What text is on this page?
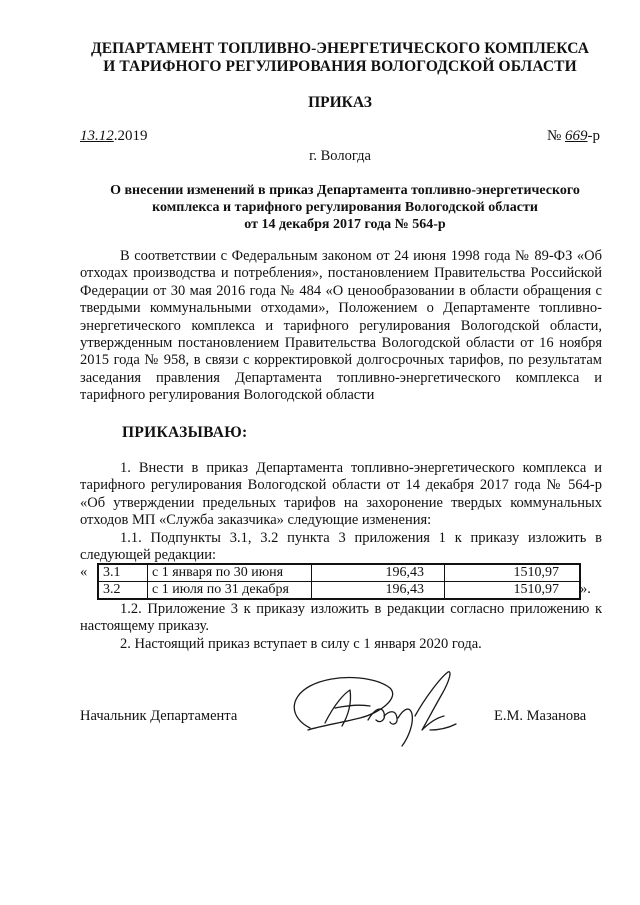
ДЕПАРТАМЕНТ ТОПЛИВНО-ЭНЕРГЕТИЧЕСКОГО КОМПЛЕКСА
И ТАРИФНОГО РЕГУЛИРОВАНИЯ ВОЛОГОДСКОЙ ОБЛАСТИ
ПРИКАЗ
13.12.2019	№ 669-р
г. Вологда
О внесении изменений в приказ Департамента топливно-энергетического
комплекса и тарифного регулирования Вологодской области
от 14 декабря 2017 года № 564-р
В соответствии с Федеральным законом от 24 июня 1998 года № 89-ФЗ «Об отходах производства и потребления», постановлением Правительства Российской Федерации от 30 мая 2016 года № 484 «О ценообразовании в области обращения с твердыми коммунальными отходами», Положением о Департаменте топливно-энергетического комплекса и тарифного регулирования Вологодской области, утвержденным постановлением Правительства Вологодской области от 16 ноября 2015 года № 958, в связи с корректировкой долгосрочных тарифов, по результатам заседания правления Департамента топливно-энергетического комплекса и тарифного регулирования Вологодской области
ПРИКАЗЫВАЮ:
1. Внести в приказ Департамента топливно-энергетического комплекса и тарифного регулирования Вологодской области от 14 декабря 2017 года № 564-р «Об утверждении предельных тарифов на захоронение твердых коммунальных отходов МП «Служба заказчика» следующие изменения:
1.1. Подпункты 3.1, 3.2 пункта 3 приложения 1 к приказу изложить в следующей редакции:
« 3.1	с 1 января по 30 июня	196,43	1510,97
3.2	с 1 июля по 31 декабря	196,43	1510,97 ».
1.2. Приложение 3 к приказу изложить в редакции согласно приложению к настоящему приказу.
2. Настоящий приказ вступает в силу с 1 января 2020 года.
Начальник Департамента	Е.М. Мазанова
